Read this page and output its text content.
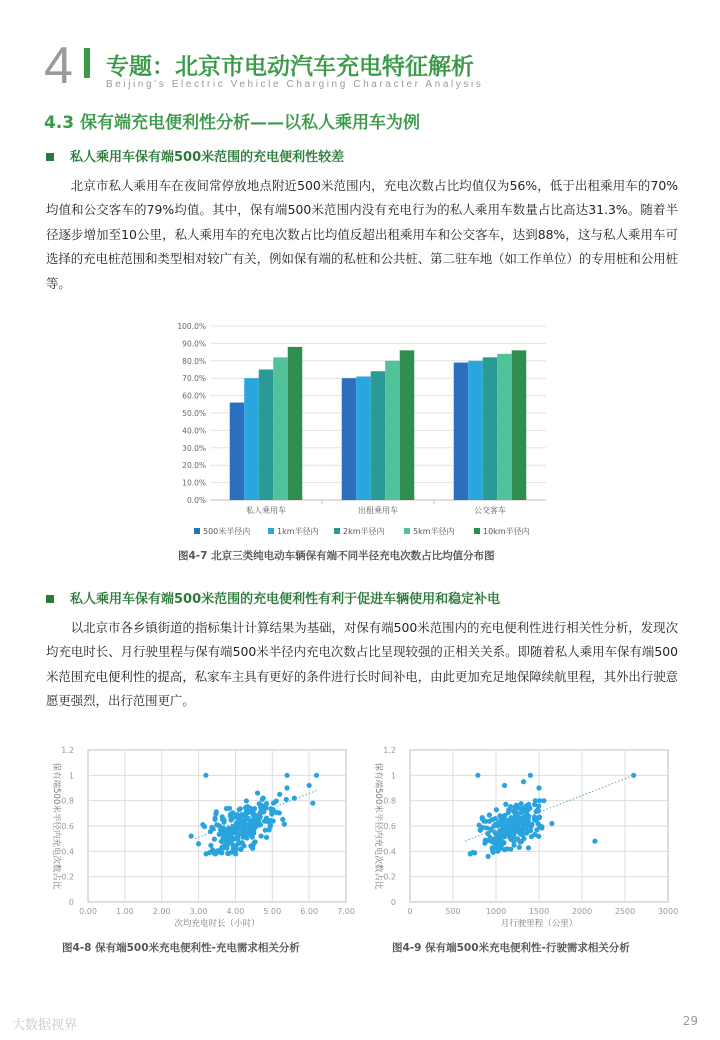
4 专题：北京市电动汽车充电特征解析
Beijing's Electric Vehicle Charging Character Analysis
4.3 保有端充电便利性分析——以私人乘用车为例
私人乘用车保有端500米范围的充电便利性较差
北京市私人乘用车在夜间常停放地点附近500米范围内，充电次数占比均值仅为56%，低于出租乘用车的70%均值和公交客车的79%均值。其中，保有端500米范围内没有充电行为的私人乘用车数量占比高达31.3%。随着半径逐步增加至10公里，私人乘用车的充电次数占比均值反超出租乘用车和公交客车，达到88%，这与私人乘用车可选择的充电桩范围和类型相对较广有关，例如保有端的私桩和公共桩、第二驻车地（如工作单位）的专用桩和公用桩等。
0.0%
10.0%
20.0%
30.0%
40.0%
50.0%
60.0%
70.0%
80.0%
90.0%
100.0%
私人乘用车	出租乘用车	公交客车
500米半径内	1km半径内	2km半径内	5km半径内	10km半径内
图4-7 北京三类纯电动车辆保有端不同半径充电次数占比均值分布图
私人乘用车保有端500米范围的充电便利性有利于促进车辆使用和稳定补电
以北京市各乡镇街道的指标集计计算结果为基础，对保有端500米范围内的充电便利性进行相关性分析，发现次均充电时长、月行驶里程与保有端500米半径内充电次数占比呈现较强的正相关关系。即随着私人乘用车保有端500米范围充电便利性的提高，私家车主具有更好的条件进行长时间补电，由此更加充足地保障续航里程，其外出行驶意愿更强烈，出行范围更广。
0
0.2
0.4
0.6
0.8
1
1.2
0.00 1.00 2.00 3.00 4.00 5.00 6.00 7.00
次均充电时长（小时）
保有端500米半径内充电次数占比
0
0.2
0.4
0.6
0.8
1
1.2
0	500	1000	1500	2000	2500	3000
月行驶里程（公里）
保有端500米半径内充电次数占比
图4-8 保有端500米充电便利性-充电需求相关分析	图4-9 保有端500米充电便利性-行驶需求相关分析
大数据视界	29
